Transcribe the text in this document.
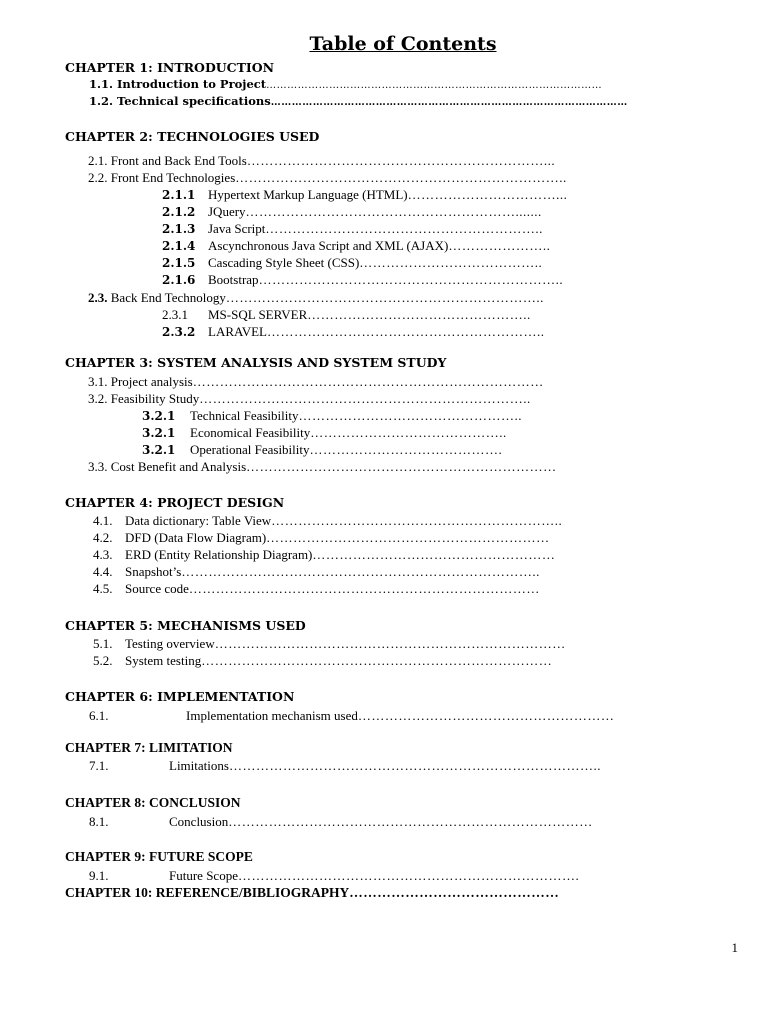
Table of Contents
CHAPTER 1: INTRODUCTION
1.1. Introduction to Project……………………………………………………………………………………
1.2. Technical specifications…………………………………………………………………………………………
CHAPTER 2: TECHNOLOGIES USED
2.1. Front and Back End Tools…………………………………………………………...
2.2. Front End Technologies………………………………………………………………..
2.1.1 Hypertext Markup Language (HTML)……………………………...
2.1.2 JQuery…………………………………………………….......
2.1.3 Java Script……………………………………………………..
2.1.4 Ascynchronous Java Script and XML (AJAX)…………………..
2.1.5 Cascading Style Sheet (CSS)…………………………………..
2.1.6 Bootstrap…………………………………………………………..
2.3. Back End Technology……………………………………………………………..
2.3.1 MS-SQL SERVER…………………………………………..
2.3.2 LARAVEL……………………………………………………..
CHAPTER 3: SYSTEM ANALYSIS AND SYSTEM STUDY
3.1. Project analysis……………………………………………………………………
3.2. Feasibility Study………………………………………………………………..
3.2.1 Technical Feasibility…………………………………………..
3.2.1 Economical Feasibility……………………………………..
3.2.1 Operational Feasibility…………………………………….
3.3. Cost Benefit and Analysis……………………………………………………………
CHAPTER 4: PROJECT DESIGN
4.1. Data dictionary: Table View………………………………………………………..
4.2. DFD (Data Flow Diagram)………………………………………………………
4.3. ERD (Entity Relationship Diagram)………………………………………………
4.4. Snapshot’s……………………………………………………………………..
4.5. Source code……………………………………………………………………
CHAPTER 5: MECHANISMS USED
5.1. Testing overview……………………………………………………………………
5.2. System testing……………………………………………………………………
CHAPTER 6: IMPLEMENTATION
6.1.	Implementation mechanism used…………………………………………………
CHAPTER 7: LIMITATION
7.1.	Limitations………………………………………………………………………..
CHAPTER 8: CONCLUSION
8.1.	Conclusion………………………………………………………………………
CHAPTER 9: FUTURE SCOPE
9.1.	Future Scope………………………………………………………………….
CHAPTER 10: REFERENCE/BIBLIOGRAPHY………………………………………
1
